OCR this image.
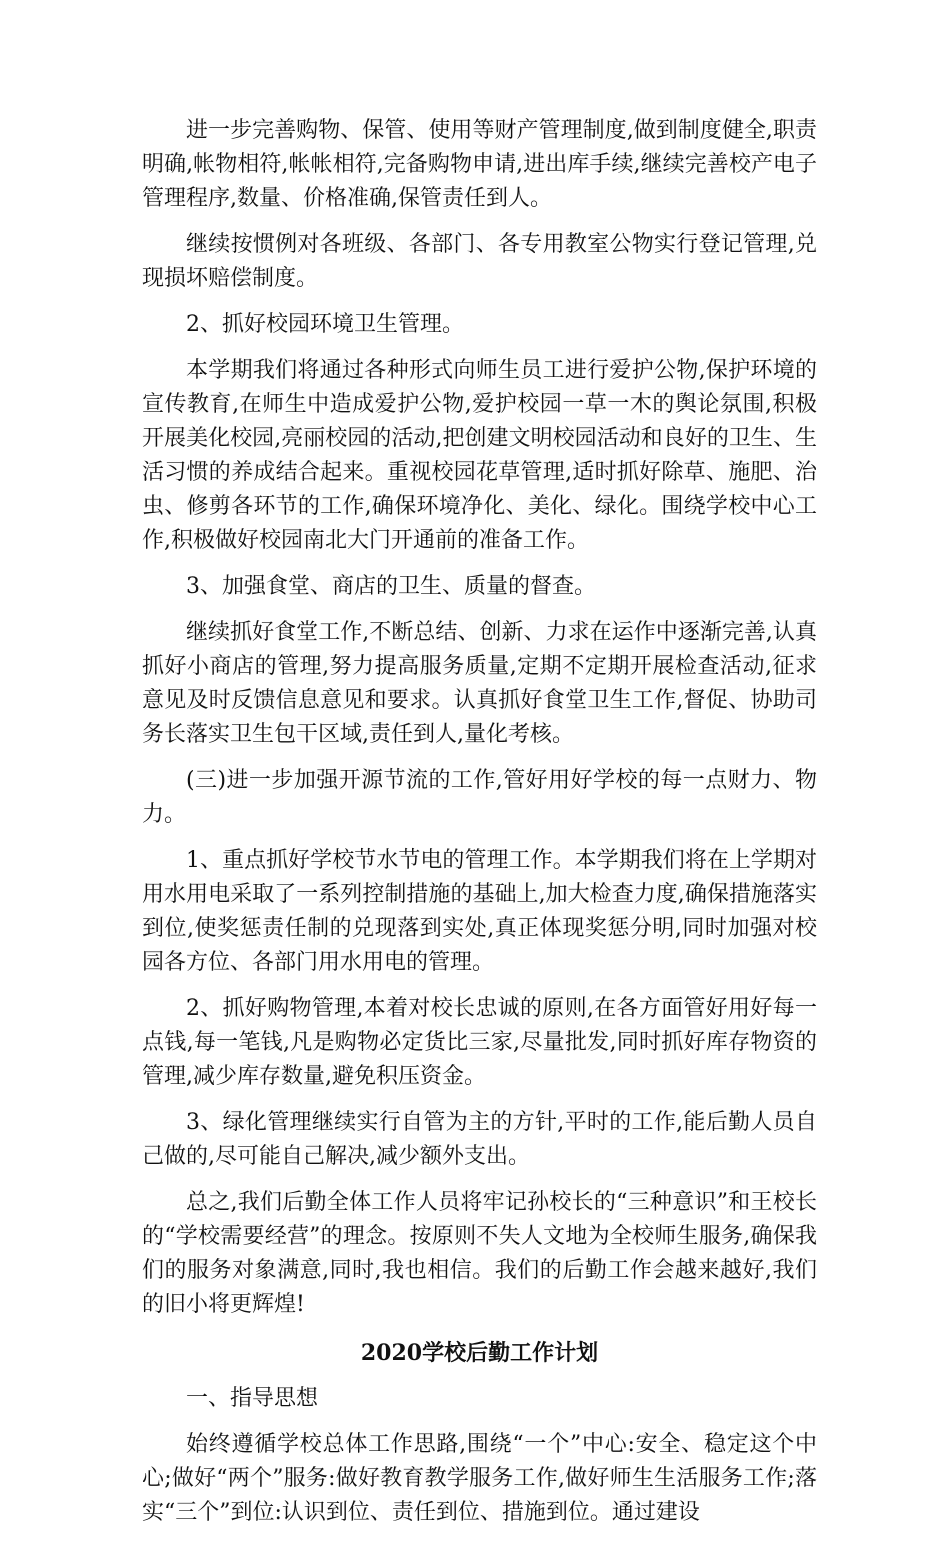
进一步完善购物、保管、使用等财产管理制度,做到制度健全,职责明确,帐物相符,帐帐相符,完备购物申请,进出库手续,继续完善校产电子管理程序,数量、价格准确,保管责任到人。

继续按惯例对各班级、各部门、各专用教室公物实行登记管理,兑现损坏赔偿制度。

2、抓好校园环境卫生管理。

本学期我们将通过各种形式向师生员工进行爱护公物,保护环境的宣传教育,在师生中造成爱护公物,爱护校园一草一木的舆论氛围,积极开展美化校园,亮丽校园的活动,把创建文明校园活动和良好的卫生、生活习惯的养成结合起来。重视校园花草管理,适时抓好除草、施肥、治虫、修剪各环节的工作,确保环境净化、美化、绿化。围绕学校中心工作,积极做好校园南北大门开通前的准备工作。

3、加强食堂、商店的卫生、质量的督查。

继续抓好食堂工作,不断总结、创新、力求在运作中逐渐完善,认真抓好小商店的管理,努力提高服务质量,定期不定期开展检查活动,征求意见及时反馈信息意见和要求。认真抓好食堂卫生工作,督促、协助司务长落实卫生包干区域,责任到人,量化考核。

(三)进一步加强开源节流的工作,管好用好学校的每一点财力、物力。

1、重点抓好学校节水节电的管理工作。本学期我们将在上学期对用水用电采取了一系列控制措施的基础上,加大检查力度,确保措施落实到位,使奖惩责任制的兑现落到实处,真正体现奖惩分明,同时加强对校园各方位、各部门用水用电的管理。

2、抓好购物管理,本着对校长忠诚的原则,在各方面管好用好每一点钱,每一笔钱,凡是购物必定货比三家,尽量批发,同时抓好库存物资的管理,减少库存数量,避免积压资金。

3、绿化管理继续实行自管为主的方针,平时的工作,能后勤人员自己做的,尽可能自己解决,减少额外支出。

总之,我们后勤全体工作人员将牢记孙校长的“三种意识”和王校长的“学校需要经营”的理念。按原则不失人文地为全校师生服务,确保我们的服务对象满意,同时,我也相信。我们的后勤工作会越来越好,我们的旧小将更辉煌!

2020学校后勤工作计划

一、指导思想

始终遵循学校总体工作思路,围绕“一个”中心:安全、稳定这个中心;做好“两个”服务:做好教育教学服务工作,做好师生生活服务工作;落实“三个”到位:认识到位、责任到位、措施到位。通过建设
